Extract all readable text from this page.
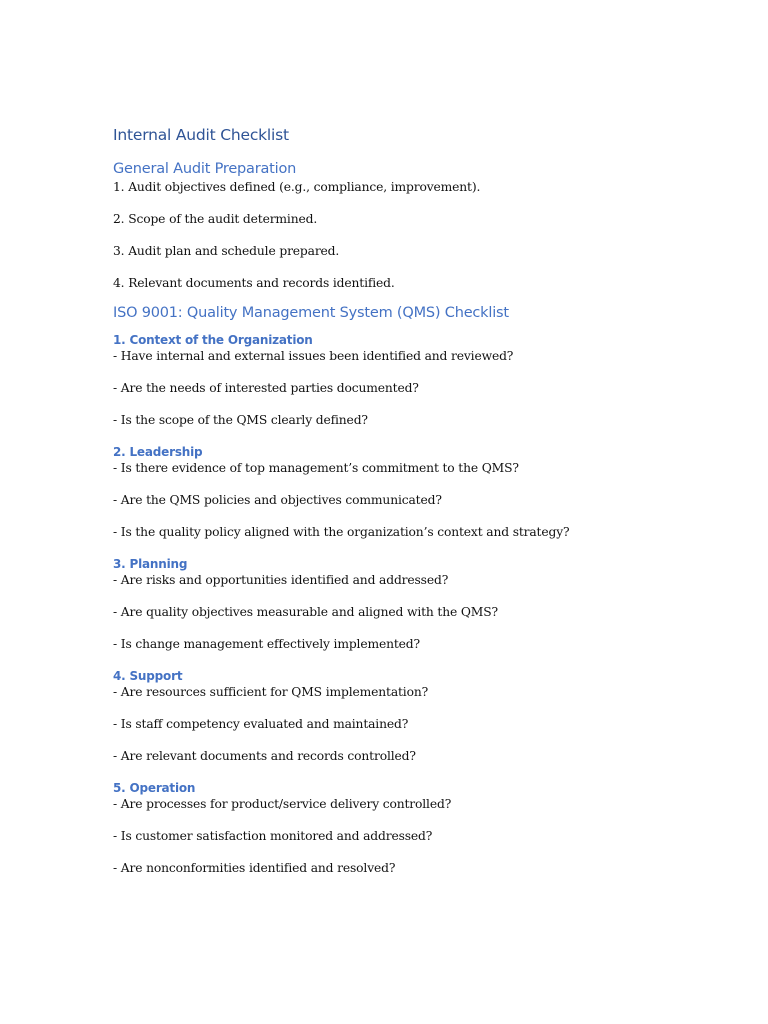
Internal Audit Checklist
General Audit Preparation
1. Audit objectives defined (e.g., compliance, improvement).
2. Scope of the audit determined.
3. Audit plan and schedule prepared.
4. Relevant documents and records identified.
ISO 9001: Quality Management System (QMS) Checklist
1. Context of the Organization
- Have internal and external issues been identified and reviewed?
- Are the needs of interested parties documented?
- Is the scope of the QMS clearly defined?
2. Leadership
- Is there evidence of top management’s commitment to the QMS?
- Are the QMS policies and objectives communicated?
- Is the quality policy aligned with the organization’s context and strategy?
3. Planning
- Are risks and opportunities identified and addressed?
- Are quality objectives measurable and aligned with the QMS?
- Is change management effectively implemented?
4. Support
- Are resources sufficient for QMS implementation?
- Is staff competency evaluated and maintained?
- Are relevant documents and records controlled?
5. Operation
- Are processes for product/service delivery controlled?
- Is customer satisfaction monitored and addressed?
- Are nonconformities identified and resolved?
